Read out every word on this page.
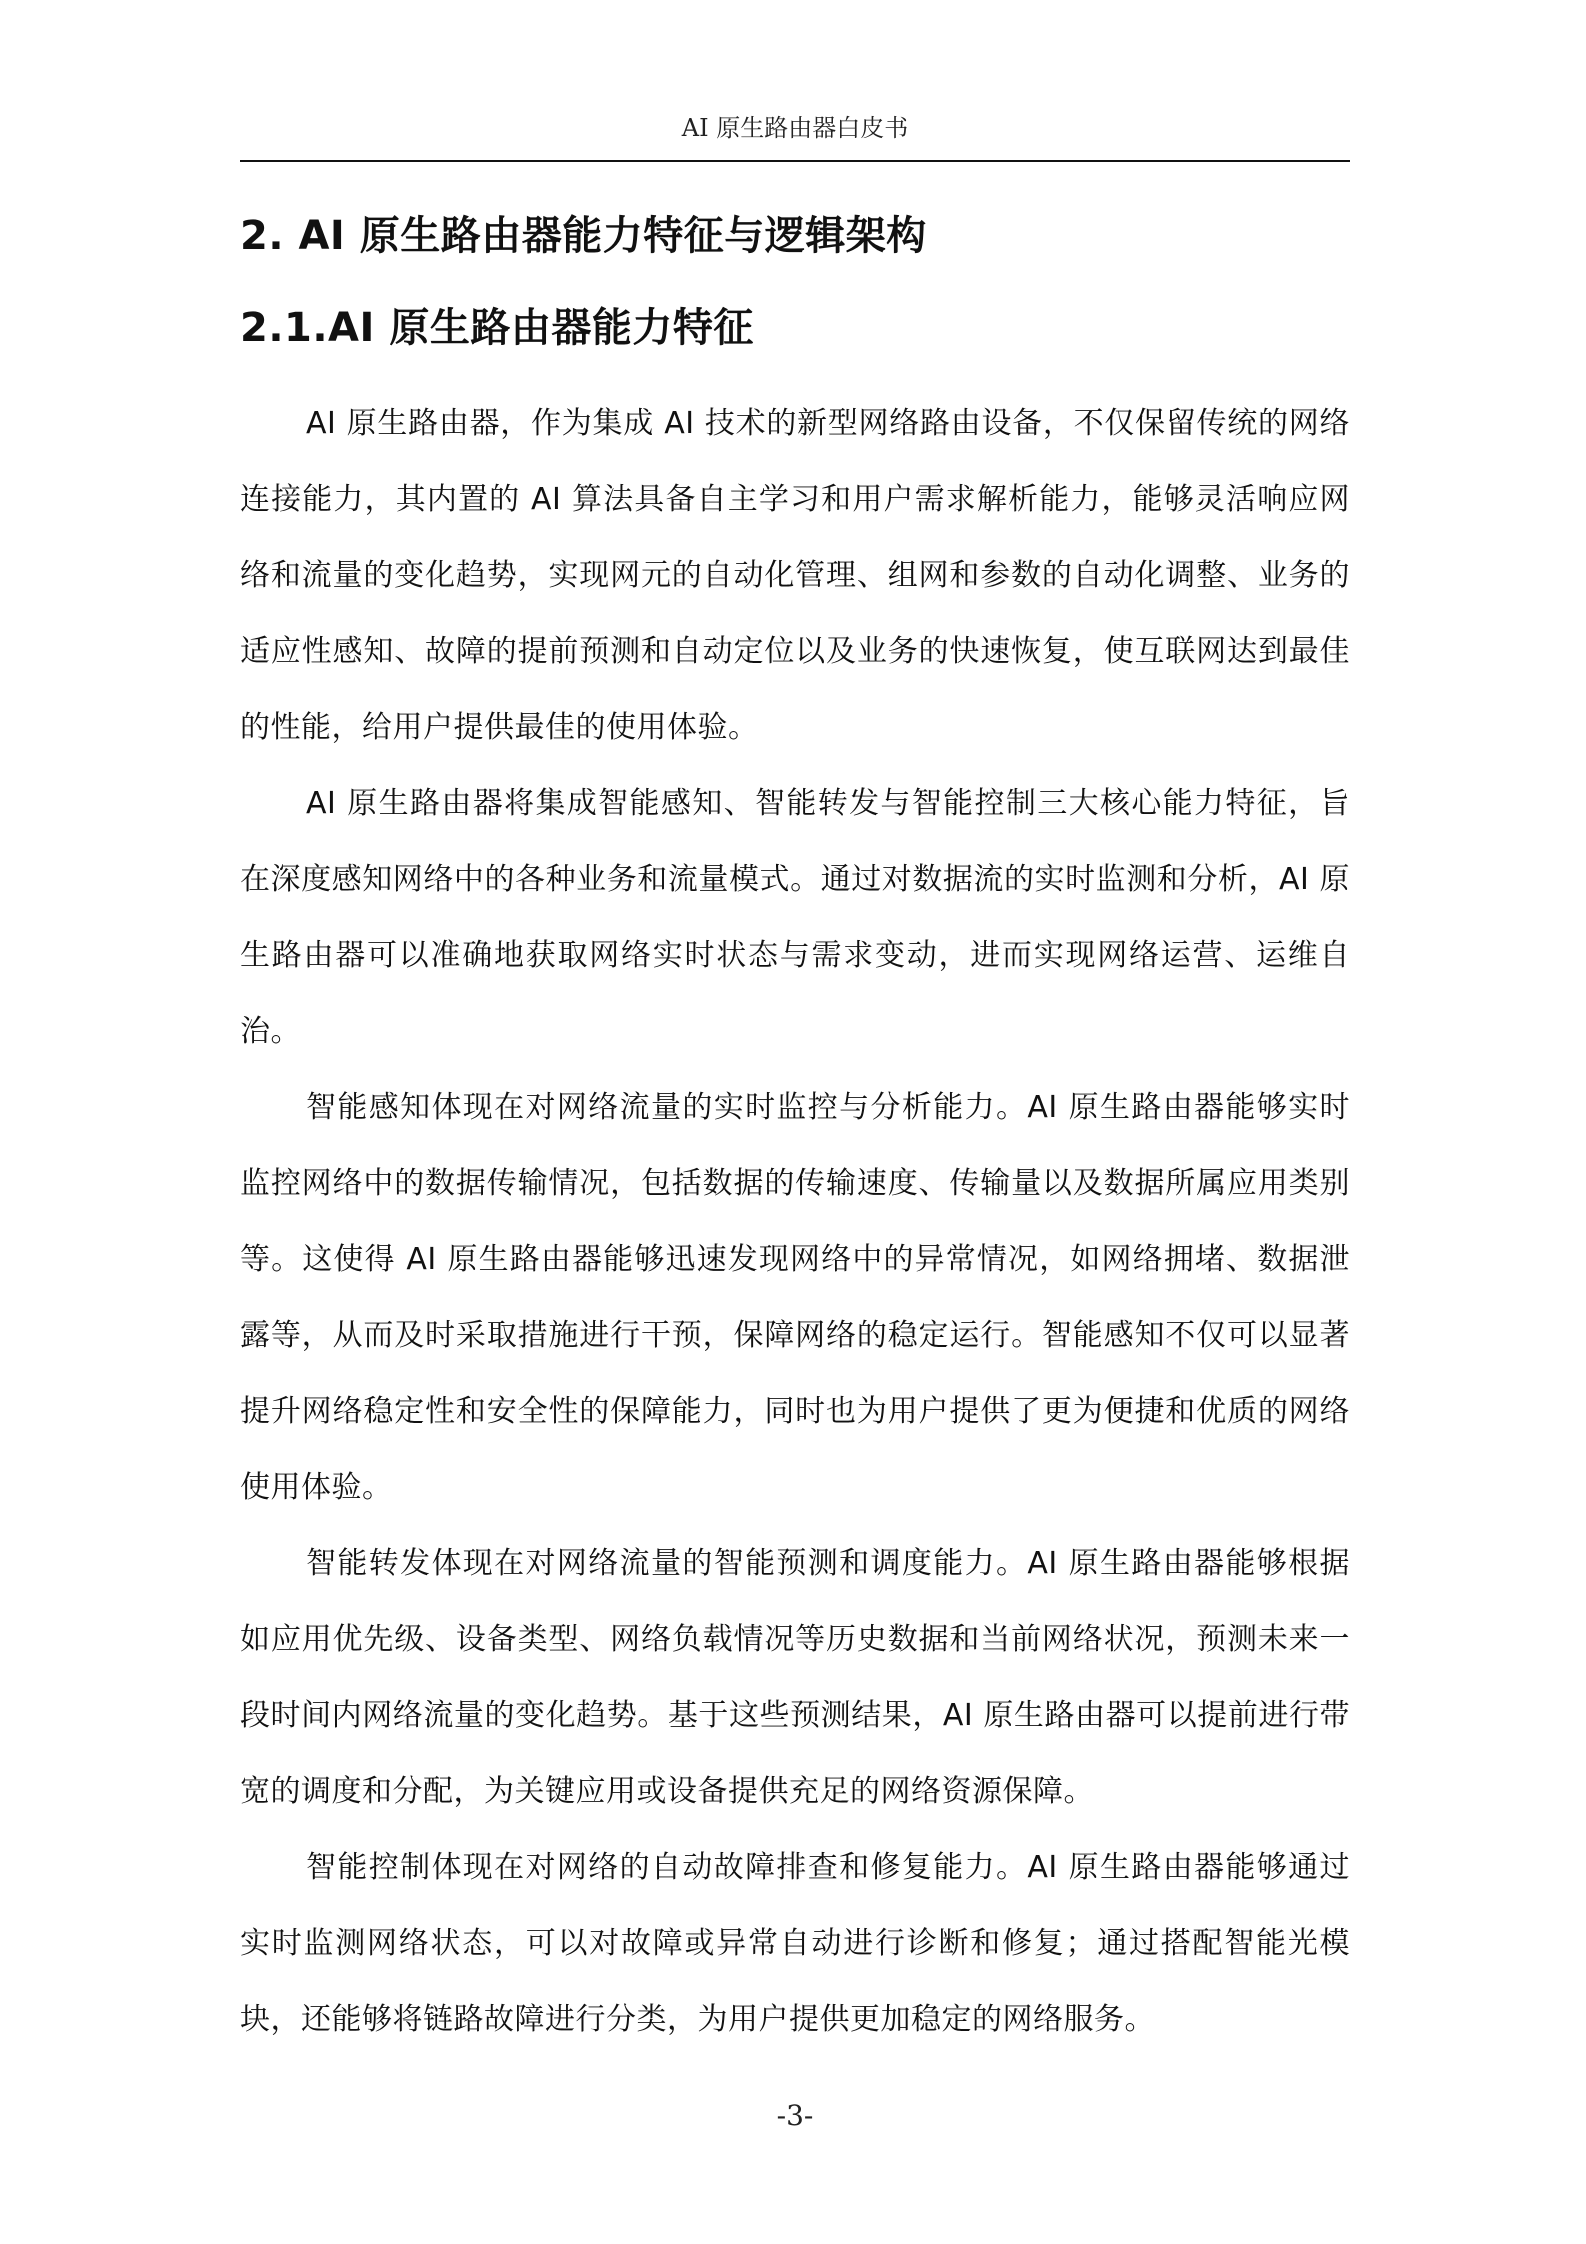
AI 原生路由器白皮书
2. AI 原生路由器能力特征与逻辑架构
2.1.AI 原生路由器能力特征

AI 原生路由器，作为集成 AI 技术的新型网络路由设备，不仅保留传统的网络连接能力，其内置的 AI 算法具备自主学习和用户需求解析能力，能够灵活响应网络和流量的变化趋势，实现网元的自动化管理、组网和参数的自动化调整、业务的适应性感知、故障的提前预测和自动定位以及业务的快速恢复，使互联网达到最佳的性能，给用户提供最佳的使用体验。

AI 原生路由器将集成智能感知、智能转发与智能控制三大核心能力特征，旨在深度感知网络中的各种业务和流量模式。通过对数据流的实时监测和分析，AI 原生路由器可以准确地获取网络实时状态与需求变动，进而实现网络运营、运维自治。

智能感知体现在对网络流量的实时监控与分析能力。AI 原生路由器能够实时监控网络中的数据传输情况，包括数据的传输速度、传输量以及数据所属应用类别等。这使得 AI 原生路由器能够迅速发现网络中的异常情况，如网络拥堵、数据泄露等，从而及时采取措施进行干预，保障网络的稳定运行。智能感知不仅可以显著提升网络稳定性和安全性的保障能力，同时也为用户提供了更为便捷和优质的网络使用体验。

智能转发体现在对网络流量的智能预测和调度能力。AI 原生路由器能够根据如应用优先级、设备类型、网络负载情况等历史数据和当前网络状况，预测未来一段时间内网络流量的变化趋势。基于这些预测结果，AI 原生路由器可以提前进行带宽的调度和分配，为关键应用或设备提供充足的网络资源保障。

智能控制体现在对网络的自动故障排查和修复能力。AI 原生路由器能够通过实时监测网络状态，可以对故障或异常自动进行诊断和修复；通过搭配智能光模块，还能够将链路故障进行分类，为用户提供更加稳定的网络服务。

-3-
